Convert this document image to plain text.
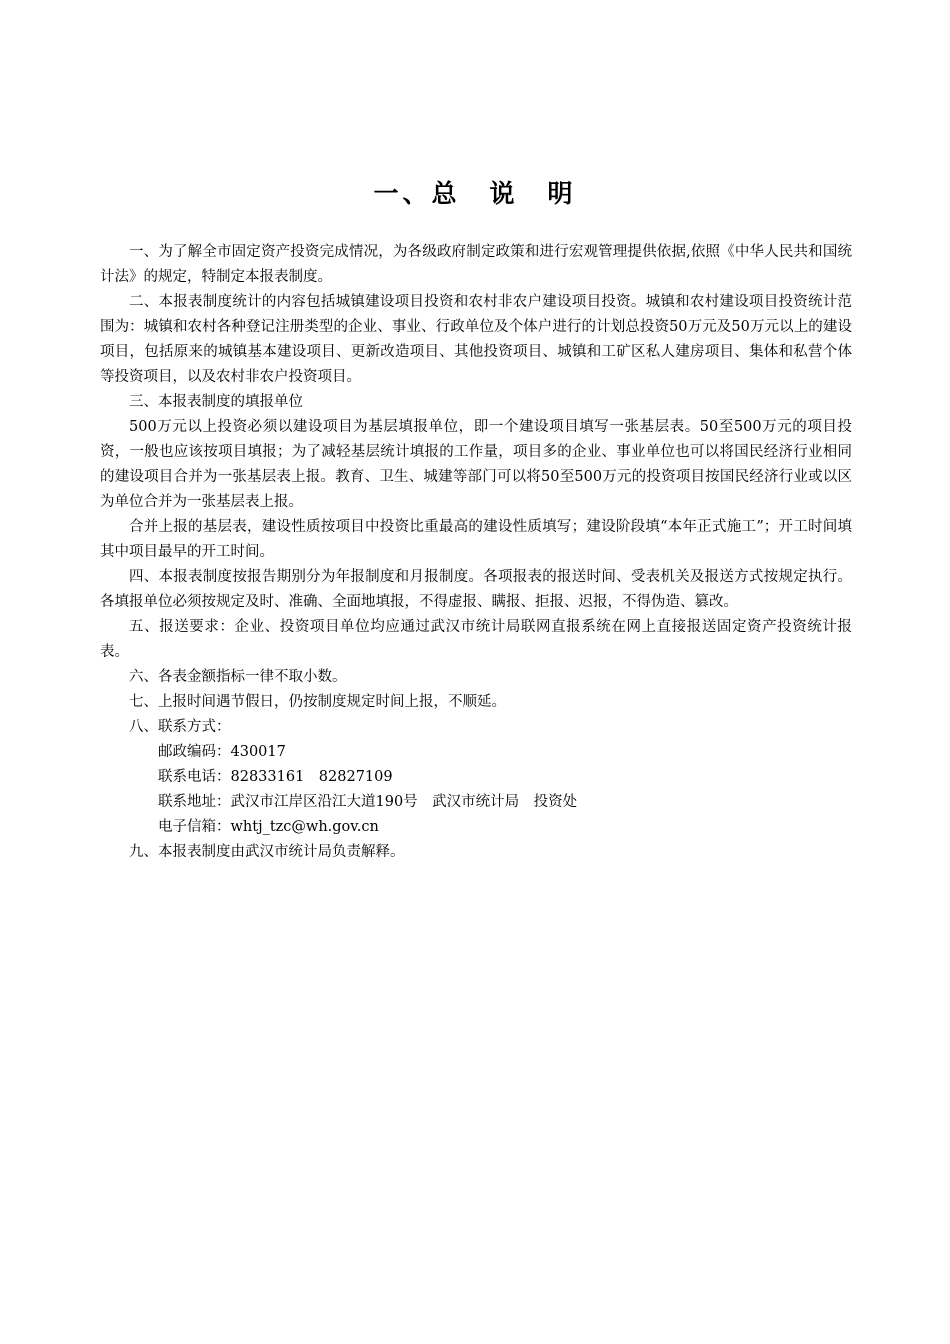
一、总　说　明

一、为了解全市固定资产投资完成情况，为各级政府制定政策和进行宏观管理提供依据,依照《中华人民共和国统计法》的规定，特制定本报表制度。

二、本报表制度统计的内容包括城镇建设项目投资和农村非农户建设项目投资。城镇和农村建设项目投资统计范围为：城镇和农村各种登记注册类型的企业、事业、行政单位及个体户进行的计划总投资50万元及50万元以上的建设项目，包括原来的城镇基本建设项目、更新改造项目、其他投资项目、城镇和工矿区私人建房项目、集体和私营个体等投资项目，以及农村非农户投资项目。

三、本报表制度的填报单位

500万元以上投资必须以建设项目为基层填报单位，即一个建设项目填写一张基层表。50至500万元的项目投资，一般也应该按项目填报；为了减轻基层统计填报的工作量，项目多的企业、事业单位也可以将国民经济行业相同的建设项目合并为一张基层表上报。教育、卫生、城建等部门可以将50至500万元的投资项目按国民经济行业或以区为单位合并为一张基层表上报。

合并上报的基层表，建设性质按项目中投资比重最高的建设性质填写；建设阶段填“本年正式施工”；开工时间填其中项目最早的开工时间。

四、本报表制度按报告期别分为年报制度和月报制度。各项报表的报送时间、受表机关及报送方式按规定执行。各填报单位必须按规定及时、准确、全面地填报，不得虚报、瞒报、拒报、迟报，不得伪造、篡改。

五、报送要求：企业、投资项目单位均应通过武汉市统计局联网直报系统在网上直接报送固定资产投资统计报表。

六、各表金额指标一律不取小数。

七、上报时间遇节假日，仍按制度规定时间上报，不顺延。

八、联系方式：

邮政编码：430017

联系电话：82833161　82827109

联系地址：武汉市江岸区沿江大道190号　武汉市统计局　投资处

电子信箱：whtj_tzc@wh.gov.cn

九、本报表制度由武汉市统计局负责解释。
